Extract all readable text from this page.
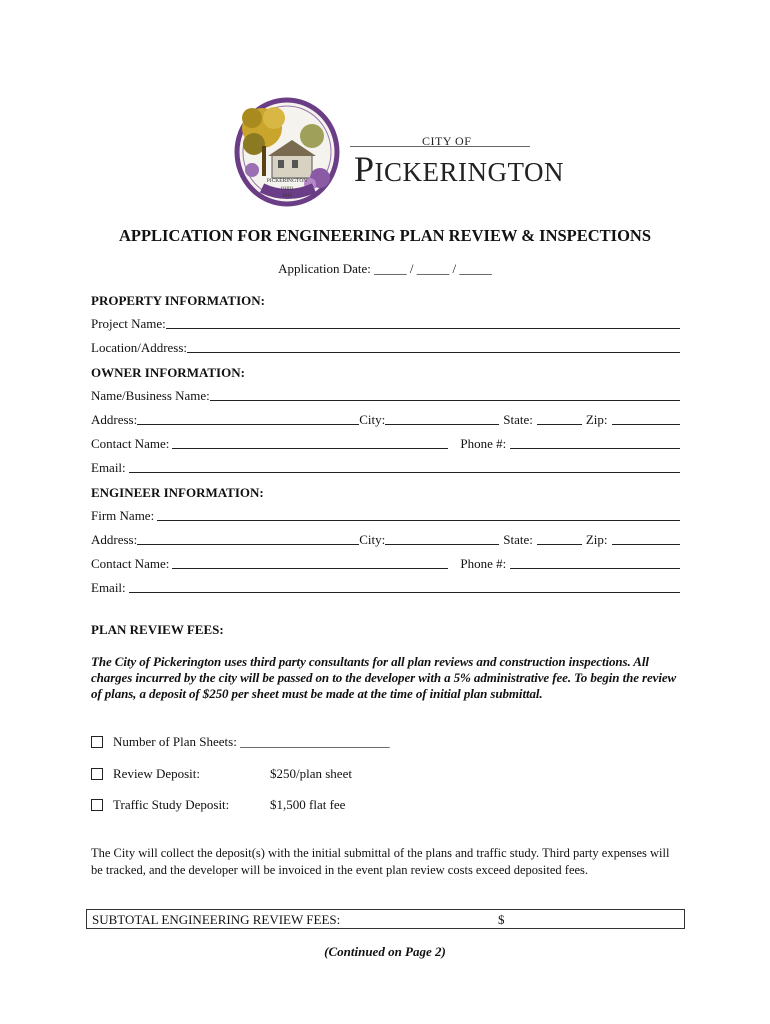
PICKERINGTON
OHIO
1815
CITY OF
PICKERINGTON
APPLICATION FOR ENGINEERING PLAN REVIEW & INSPECTIONS
Application Date: _____ / _____ / _____
PROPERTY INFORMATION:
Project Name:
Location/Address:
OWNER INFORMATION:
Name/Business Name:
Address:	City:	State:	Zip:
Contact Name:	Phone #:
Email:
ENGINEER INFORMATION:
Firm Name:
Address:	City:	State:	Zip:
Contact Name:	Phone #:
Email:
PLAN REVIEW FEES:
The City of Pickerington uses third party consultants for all plan reviews and construction inspections. All charges incurred by the city will be passed on to the developer with a 5% administrative fee. To begin the review of plans, a deposit of $250 per sheet must be made at the time of initial plan submittal.
Number of Plan Sheets: _______________________
Review Deposit:	$250/plan sheet
Traffic Study Deposit:	$1,500 flat fee
The City will collect the deposit(s) with the initial submittal of the plans and traffic study. Third party expenses will be tracked, and the developer will be invoiced in the event plan review costs exceed deposited fees.
SUBTOTAL ENGINEERING REVIEW FEES:	$
(Continued on Page 2)
